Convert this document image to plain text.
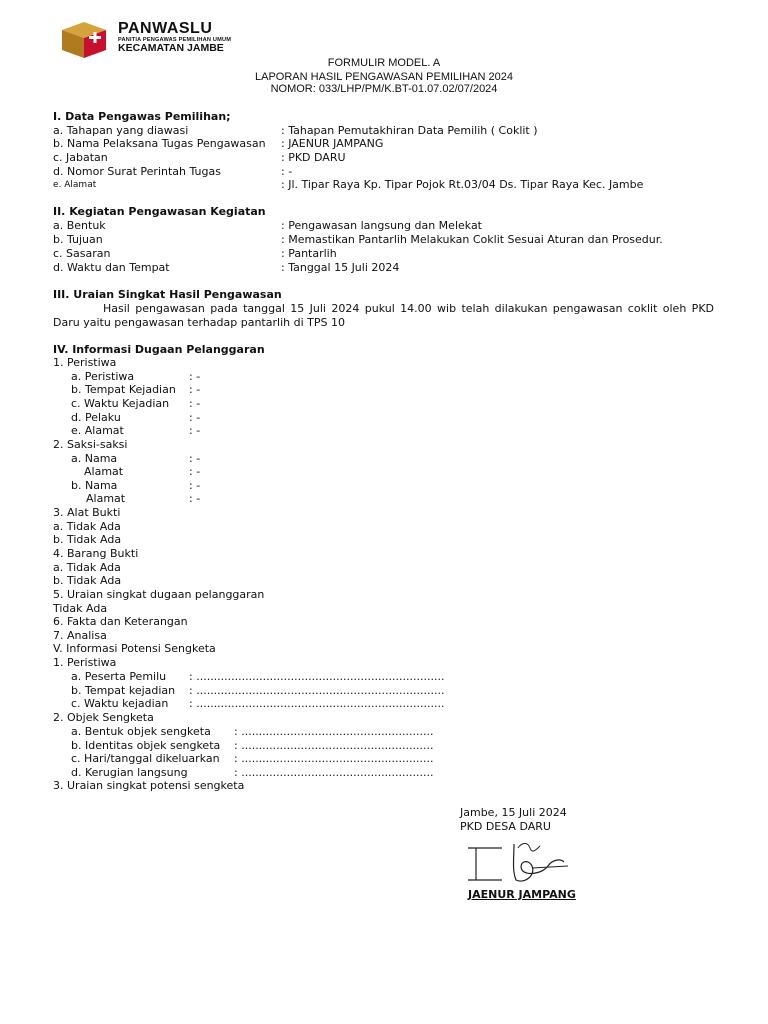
PANWASLU
PANITIA PENGAWAS PEMILIHAN UMUM
KECAMATAN JAMBE
FORMULIR MODEL. A
LAPORAN HASIL PENGAWASAN PEMILIHAN 2024
NOMOR: 033/LHP/PM/K.BT-01.07.02/07/2024
I. Data Pengawas Pemilihan;
a. Tahapan yang diawasi	: Tahapan Pemutakhiran Data Pemilih ( Coklit )
b. Nama Pelaksana Tugas Pengawasan : JAENUR JAMPANG
c. Jabatan	: PKD DARU
d. Nomor Surat Perintah Tugas	: -
e. Alamat	: Jl. Tipar Raya Kp. Tipar Pojok Rt.03/04 Ds. Tipar Raya Kec. Jambe
II. Kegiatan Pengawasan Kegiatan
a. Bentuk	: Pengawasan langsung dan Melekat
b. Tujuan	: Memastikan Pantarlih Melakukan Coklit Sesuai Aturan dan Prosedur.
c. Sasaran	: Pantarlih
d. Waktu dan Tempat	: Tanggal 15 Juli 2024
III. Uraian Singkat Hasil Pengawasan
Hasil pengawasan pada tanggal 15 Juli 2024 pukul 14.00 wib telah dilakukan pengawasan coklit oleh PKD
Daru yaitu pengawasan terhadap pantarlih di TPS 10
IV. Informasi Dugaan Pelanggaran
1. Peristiwa
a. Peristiwa	: -
b. Tempat Kejadian : -
c. Waktu Kejadian : -
d. Pelaku	: -
e. Alamat	: -
2. Saksi-saksi
a. Nama	: -
Alamat	: -
b. Nama	: -
Alamat	: -
3. Alat Bukti
a. Tidak Ada
b. Tidak Ada
4. Barang Bukti
a. Tidak Ada
b. Tidak Ada
5. Uraian singkat dugaan pelanggaran
Tidak Ada
6. Fakta dan Keterangan
7. Analisa
V. Informasi Potensi Sengketa
1. Peristiwa
a. Peserta Pemilu : .......................................................................
b. Tempat kejadian : .......................................................................
c. Waktu kejadian : .......................................................................
2. Objek Sengketa
a. Bentuk objek sengketa : .......................................................
b. Identitas objek sengketa : .......................................................
c. Hari/tanggal dikeluarkan : .......................................................
d. Kerugian langsung	: .......................................................
3. Uraian singkat potensi sengketa
Jambe, 15 Juli 2024
PKD DESA DARU
JAENUR JAMPANG
